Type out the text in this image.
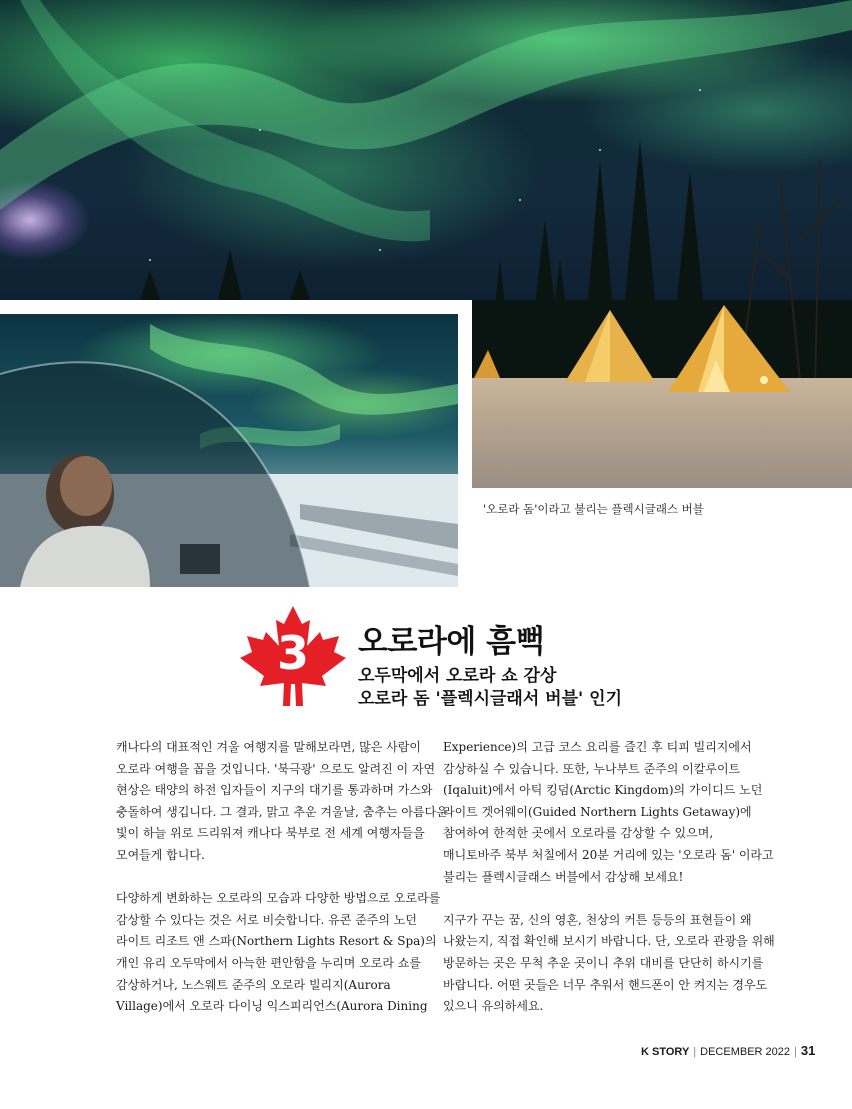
'오로라 돔'이라고 불리는 플렉시글래스 버블
3	오로라에 흠뻑
오두막에서 오로라 쇼 감상
오로라 돔 '플렉시글래서 버블' 인기

캐나다의 대표적인 겨울 여행지를 말해보라면, 많은 사람이

오로라 여행을 꼽을 것입니다. '북극광' 으로도 알려진 이 자연

현상은 태양의 하전 입자들이 지구의 대기를 통과하며 가스와

충돌하여 생깁니다. 그 결과, 맑고 추운 겨울날, 춤추는 아름다운

빛이 하늘 위로 드리워져 캐나다 북부로 전 세계 여행자들을

모여들게 합니다.

다양하게 변화하는 오로라의 모습과 다양한 방법으로 오로라를

감상할 수 있다는 것은 서로 비슷합니다. 유콘 준주의 노던

라이트 리조트 앤 스파(Northern Lights Resort & Spa)의

개인 유리 오두막에서 아늑한 편안함을 누리며 오로라 쇼를

감상하거나, 노스웨트 준주의 오로라 빌리지(Aurora

Village)에서 오로라 다이닝 익스피리언스(Aurora Dining

Experience)의 고급 코스 요리를 즐긴 후 티피 빌리지에서

감상하실 수 있습니다. 또한, 누나부트 준주의 이칼루이트

(Iqaluit)에서 아틱 킹덤(Arctic Kingdom)의 가이디드 노던

라이트 겟어웨이(Guided Northern Lights Getaway)에

참여하여 한적한 곳에서 오로라를 감상할 수 있으며,

매니토바주 북부 처칠에서 20분 거리에 있는 '오로라 돔' 이라고

불리는 플렉시글래스 버블에서 감상해 보세요!

지구가 꾸는 꿈, 신의 영혼, 천상의 커튼 등등의 표현들이 왜

나왔는지, 직접 확인해 보시기 바랍니다. 단, 오로라 관광을 위해

방문하는 곳은 무척 추운 곳이니 추위 대비를 단단히 하시기를

바랍니다. 어떤 곳들은 너무 추워서 핸드폰이 안 켜지는 경우도

있으니 유의하세요.

K STORY | DECEMBER 2022 | 31
